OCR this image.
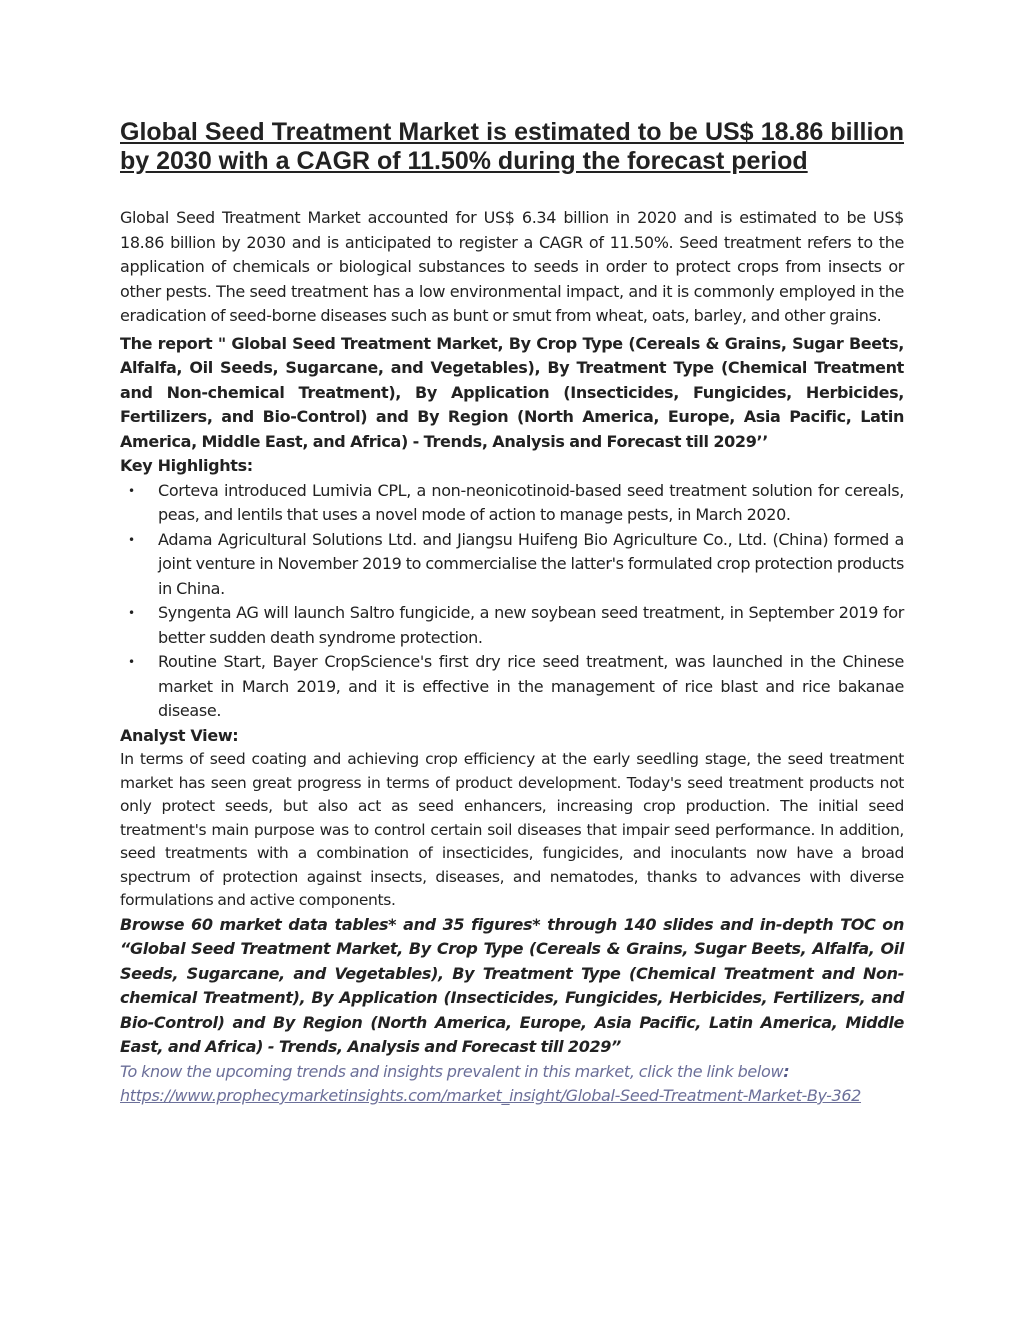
Global Seed Treatment Market is estimated to be US$ 18.86 billion by 2030 with a CAGR of 11.50% during the forecast period

Global Seed Treatment Market accounted for US$ 6.34 billion in 2020 and is estimated to be US$ 18.86 billion by 2030 and is anticipated to register a CAGR of 11.50%. Seed treatment refers to the application of chemicals or biological substances to seeds in order to protect crops from insects or other pests. The seed treatment has a low environmental impact, and it is commonly employed in the eradication of seed-borne diseases such as bunt or smut from wheat, oats, barley, and other grains.

The report " Global Seed Treatment Market, By Crop Type (Cereals & Grains, Sugar Beets, Alfalfa, Oil Seeds, Sugarcane, and Vegetables), By Treatment Type (Chemical Treatment and Non-chemical Treatment), By Application (Insecticides, Fungicides, Herbicides, Fertilizers, and Bio-Control) and By Region (North America, Europe, Asia Pacific, Latin America, Middle East, and Africa) - Trends, Analysis and Forecast till 2029’’

Key Highlights:
• Corteva introduced Lumivia CPL, a non-neonicotinoid-based seed treatment solution for cereals, peas, and lentils that uses a novel mode of action to manage pests, in March 2020.
• Adama Agricultural Solutions Ltd. and Jiangsu Huifeng Bio Agriculture Co., Ltd. (China) formed a joint venture in November 2019 to commercialise the latter's formulated crop protection products in China.
• Syngenta AG will launch Saltro fungicide, a new soybean seed treatment, in September 2019 for better sudden death syndrome protection.
• Routine Start, Bayer CropScience's first dry rice seed treatment, was launched in the Chinese market in March 2019, and it is effective in the management of rice blast and rice bakanae disease.
Analyst View:

In terms of seed coating and achieving crop efficiency at the early seedling stage, the seed treatment market has seen great progress in terms of product development. Today's seed treatment products not only protect seeds, but also act as seed enhancers, increasing crop production. The initial seed treatment's main purpose was to control certain soil diseases that impair seed performance. In addition, seed treatments with a combination of insecticides, fungicides, and inoculants now have a broad spectrum of protection against insects, diseases, and nematodes, thanks to advances with diverse formulations and active components.

Browse 60 market data tables* and 35 figures* through 140 slides and in-depth TOC on “Global Seed Treatment Market, By Crop Type (Cereals & Grains, Sugar Beets, Alfalfa, Oil Seeds, Sugarcane, and Vegetables), By Treatment Type (Chemical Treatment and Non-chemical Treatment), By Application (Insecticides, Fungicides, Herbicides, Fertilizers, and Bio-Control) and By Region (North America, Europe, Asia Pacific, Latin America, Middle East, and Africa) - Trends, Analysis and Forecast till 2029”

To know the upcoming trends and insights prevalent in this market, click the link below:

https://www.prophecymarketinsights.com/market_insight/Global-Seed-Treatment-Market-By-362
